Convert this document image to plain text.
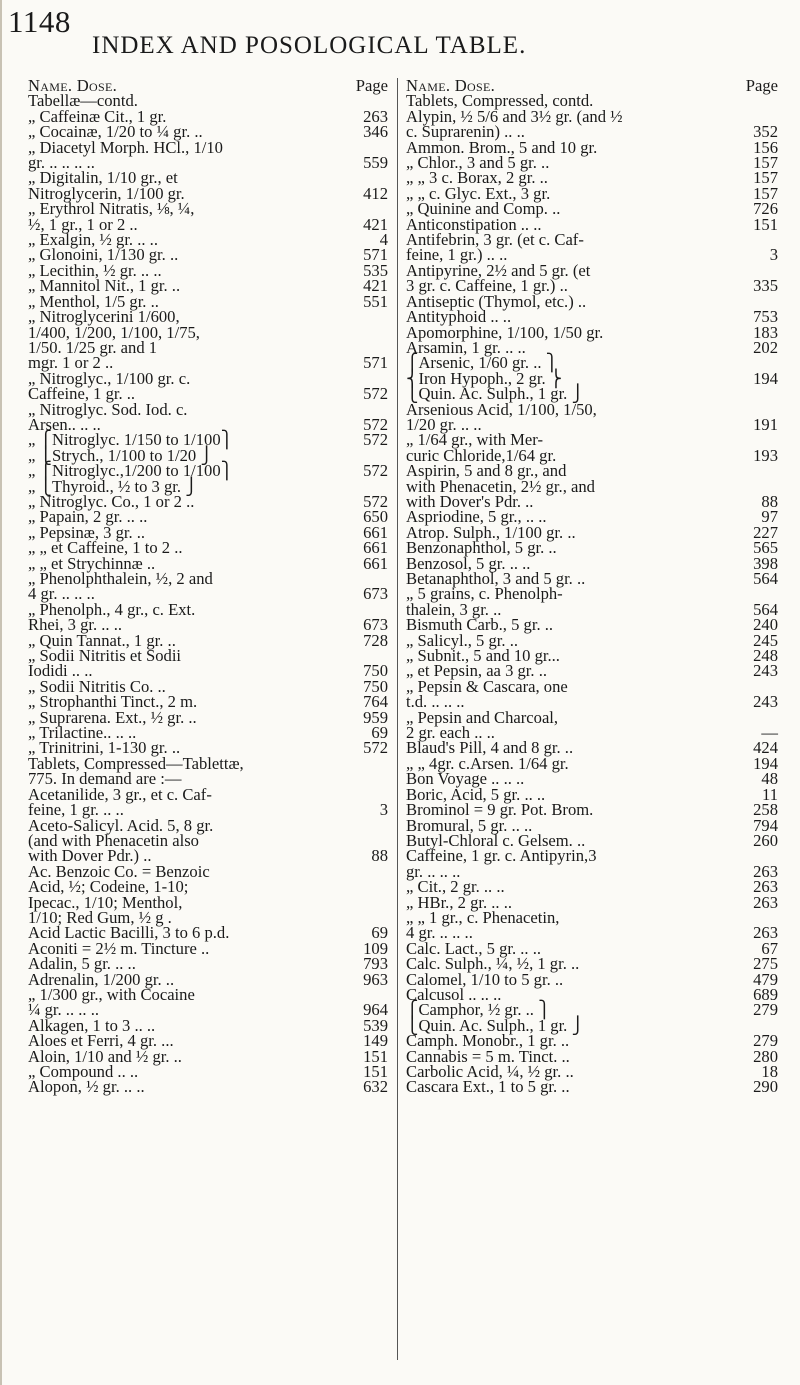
1148
INDEX AND POSOLOGICAL TABLE.
Name. Dose.	Page
Tabellæ—contd.
„ Caffeinæ Cit., 1 gr.	263
„ Cocainæ, 1/20 to ¼ gr. ..	346
„ Diacetyl Morph. HCl., 1/10
gr. .. .. .. ..	559
„ Digitalin, 1/10 gr., et
Nitroglycerin, 1/100 gr.	412
„ Erythrol Nitratis, ⅛, ¼,
½, 1 gr., 1 or 2 ..	421
„ Exalgin, ½ gr. .. ..	4
„ Glonoini, 1/130 gr. ..	571
„ Lecithin, ½ gr. .. ..	535
„ Mannitol Nit., 1 gr. ..	421
„ Menthol, 1/5 gr. ..	551
„ Nitroglycerini 1/600,
1/400, 1/200, 1/100, 1/75,
1/50. 1/25 gr. and 1
mgr. 1 or 2 ..	571
„ Nitroglyc., 1/100 gr. c.
Caffeine, 1 gr. ..	572
„ Nitroglyc. Sod. Iod. c.
Arsen.. .. ..	572
„ ⎧Nitroglyc. 1/150 to 1/100⎫	572
„ ⎩Strych., 1/100 to 1/20 ⎭
„ ⎧Nitroglyc.,1/200 to 1/100⎫	572
„ ⎩Thyroid., ½ to 3 gr. ⎭
„ Nitroglyc. Co., 1 or 2 ..	572
„ Papain, 2 gr. .. ..	650
„ Pepsinæ, 3 gr. ..	661
„ „ et Caffeine, 1 to 2 ..	661
„ „ et Strychinnæ ..	661
„ Phenolphthalein, ½, 2 and
4 gr. .. .. ..	673
„ Phenolph., 4 gr., c. Ext.
Rhei, 3 gr. .. ..	673
„ Quin Tannat., 1 gr. ..	728
„ Sodii Nitritis et Sodii
Iodidi .. ..	750
„ Sodii Nitritis Co. ..	750
„ Strophanthi Tinct., 2 m.	764
„ Suprarena. Ext., ½ gr. ..	959
„ Trilactine.. .. ..	69
„ Trinitrini, 1-130 gr. ..	572
Tablets, Compressed—Tablettæ,
775. In demand are :—
Acetanilide, 3 gr., et c. Caf-
feine, 1 gr. .. ..	3
Aceto-Salicyl. Acid. 5, 8 gr.
(and with Phenacetin also
with Dover Pdr.) ..	88
Ac. Benzoic Co. = Benzoic
Acid, ½; Codeine, 1-10;
Ipecac., 1/10; Menthol,
1/10; Red Gum, ½ g .
Acid Lactic Bacilli, 3 to 6 p.d.	69
Aconiti = 2½ m. Tincture ..	109
Adalin, 5 gr. .. ..	793
Adrenalin, 1/200 gr. ..	963
„ 1/300 gr., with Cocaine
¼ gr. .. .. ..	964
Alkagen, 1 to 3 .. ..	539
Aloes et Ferri, 4 gr. ...	149
Aloin, 1/10 and ½ gr. ..	151
„ Compound .. ..	151
Alopon, ½ gr. .. ..	632
Name. Dose.	Page
Tablets, Compressed, contd.
Alypin, ½ 5/6 and 3½ gr. (and ½
c. Suprarenin) .. ..	352
Ammon. Brom., 5 and 10 gr.	156
„ Chlor., 3 and 5 gr. ..	157
„ „ 3 c. Borax, 2 gr. ..	157
„ „ c. Glyc. Ext., 3 gr.	157
„ Quinine and Comp. ..	726
Anticonstipation .. ..	151
Antifebrin, 3 gr. (et c. Caf-
feine, 1 gr.) .. ..	3
Antipyrine, 2½ and 5 gr. (et
3 gr. c. Caffeine, 1 gr.) ..	335
Antiseptic (Thymol, etc.) ..
Antityphoid .. ..	753
Apomorphine, 1/100, 1/50 gr.	183
Arsamin, 1 gr. .. ..	202
⎧Arsenic, 1/60 gr. .. ⎫
⎨Iron Hypoph., 2 gr. ⎬	194
⎩Quin. Ac. Sulph., 1 gr. ⎭
Arsenious Acid, 1/100, 1/50,
1/20 gr. .. ..	191
„ 1/64 gr., with Mer-
curic Chloride,1/64 gr.	193
Aspirin, 5 and 8 gr., and
with Phenacetin, 2½ gr., and
with Dover's Pdr. ..	88
Aspriodine, 5 gr., .. ..	97
Atrop. Sulph., 1/100 gr. ..	227
Benzonaphthol, 5 gr. ..	565
Benzosol, 5 gr. .. ..	398
Betanaphthol, 3 and 5 gr. ..	564
„ 5 grains, c. Phenolph-
thalein, 3 gr. ..	564
Bismuth Carb., 5 gr. ..	240
„ Salicyl., 5 gr. ..	245
„ Subnit., 5 and 10 gr...	248
„ et Pepsin, aa 3 gr. ..	243
„ Pepsin & Cascara, one
t.d. .. .. ..	243
„ Pepsin and Charcoal,
2 gr. each .. ..	—
Blaud's Pill, 4 and 8 gr. ..	424
„ „ 4gr. c.Arsen. 1/64 gr.	194
Bon Voyage .. .. ..	48
Boric, Acid, 5 gr. .. ..	11
Brominol = 9 gr. Pot. Brom.	258
Bromural, 5 gr. .. ..	794
Butyl-Chloral c. Gelsem. ..	260
Caffeine, 1 gr. c. Antipyrin,3
gr. .. .. ..	263
„ Cit., 2 gr. .. ..	263
„ HBr., 2 gr. .. ..	263
„ „ 1 gr., c. Phenacetin,
4 gr. .. .. ..	263
Calc. Lact., 5 gr. .. ..	67
Calc. Sulph., ¼, ½, 1 gr. ..	275
Calomel, 1/10 to 5 gr. ..	479
Calcusol .. .. ..	689
⎧Camphor, ½ gr. .. ⎫	279
⎩Quin. Ac. Sulph., 1 gr. ⎭
Camph. Monobr., 1 gr. ..	279
Cannabis = 5 m. Tinct. ..	280
Carbolic Acid, ¼, ½ gr. ..	18
Cascara Ext., 1 to 5 gr. ..	290
